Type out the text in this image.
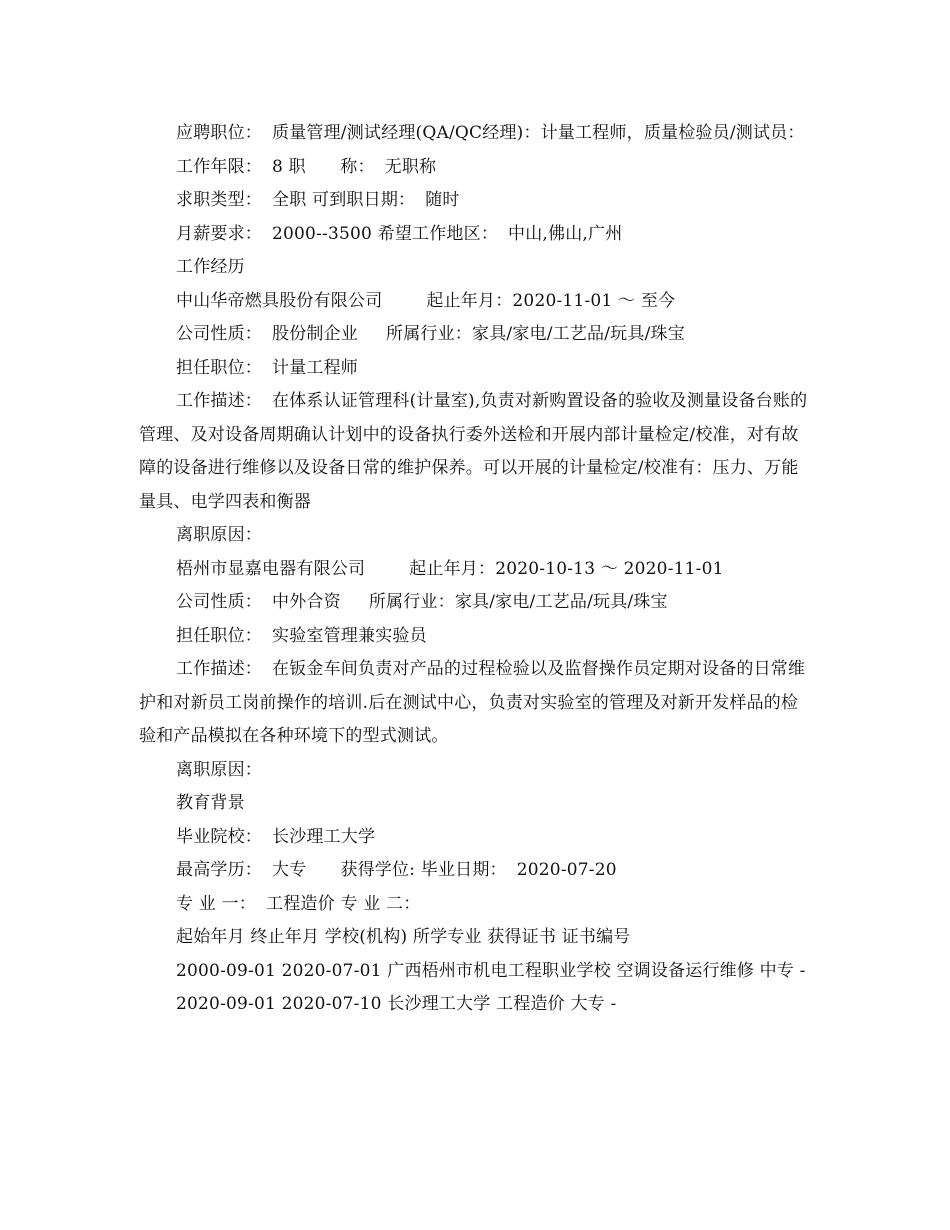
应聘职位： 质量管理/测试经理(QA/QC经理)：计量工程师，质量检验员/测试员：

工作年限： 8 职　　称： 无职称

求职类型： 全职 可到职日期： 随时

月薪要求： 2000--3500 希望工作地区： 中山,佛山,广州

工作经历

中山华帝燃具股份有限公司	起止年月：2020-11-01 ～ 至今

公司性质： 股份制企业 所属行业：家具/家电/工艺品/玩具/珠宝

担任职位： 计量工程师

工作描述： 在体系认证管理科(计量室),负责对新购置设备的验收及测量设备台账的管理、及对设备周期确认计划中的设备执行委外送检和开展内部计量检定/校准，对有故障的设备进行维修以及设备日常的维护保养。可以开展的计量检定/校准有：压力、万能量具、电学四表和衡器

离职原因：

梧州市显嘉电器有限公司	起止年月：2020-10-13 ～ 2020-11-01

公司性质： 中外合资 所属行业：家具/家电/工艺品/玩具/珠宝

担任职位： 实验室管理兼实验员

工作描述： 在钣金车间负责对产品的过程检验以及监督操作员定期对设备的日常维护和对新员工岗前操作的培训.后在测试中心，负责对实验室的管理及对新开发样品的检验和产品模拟在各种环境下的型式测试。

离职原因：

教育背景

毕业院校： 长沙理工大学

最高学历： 大专 获得学位: 毕业日期： 2020-07-20

专 业 一： 工程造价 专 业 二：

起始年月 终止年月 学校(机构) 所学专业 获得证书 证书编号

2000-09-01 2020-07-01 广西梧州市机电工程职业学校 空调设备运行维修 中专 -

2020-09-01 2020-07-10 长沙理工大学 工程造价 大专 -
